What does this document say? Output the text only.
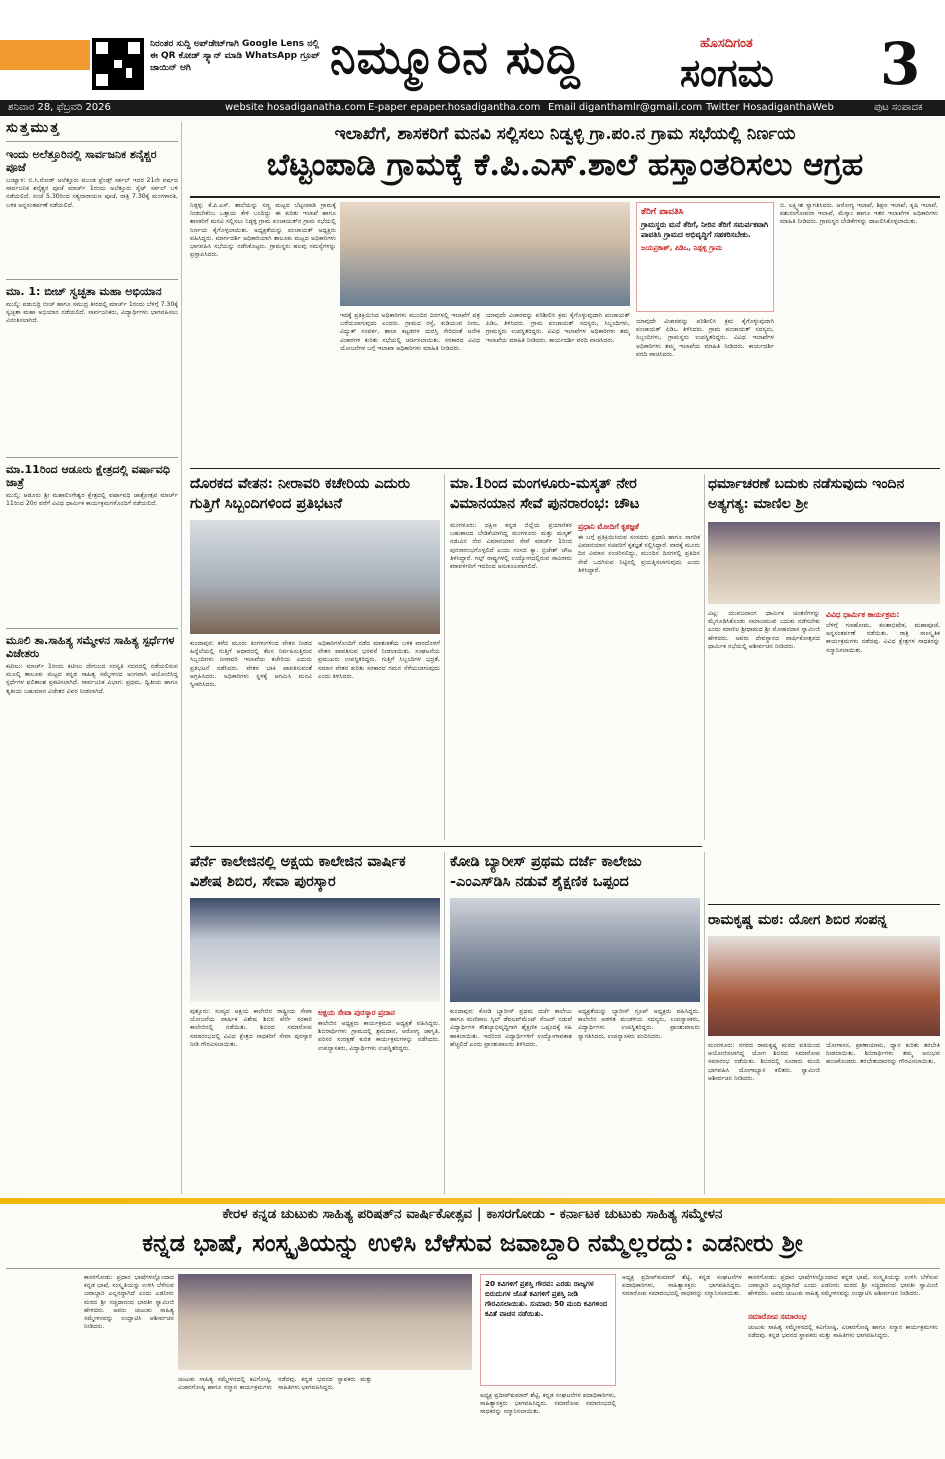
ನಿರಂತರ ಸುದ್ದಿ ಅಪ್‌ಡೇಟ್‌ಗಾಗಿ Google Lens ನಲ್ಲಿ ಈ QR ಕೋಡ್ ಸ್ಕ್ಯಾನ್ ಮಾಡಿ WhatsApp ಗ್ರೂಪ್ ಜಾಯಿನ್ ಆಗಿ	ನಿಮ್ಮೂರಿನ ಸುದ್ದಿ	ಹೊಸದಿಗಂತ
ಸಂಗಮ 3
ಶನಿವಾರ 28, ಫೆಬ್ರವರಿ 2026	website hosadiganatha.com E-paper epaper.hosadigantha.com Email diganthamlr@gmail.com Twitter HosadiganthaWeb	ಪುಟ ಸಂಪಾದಕ
ಸುತ್ತಮುತ್ತ
ಇಂದು ಅಲೆತ್ತೂರಿನಲ್ಲಿ ಸಾರ್ವಜನಿಕ ಶನೈಶ್ಚರ ಪೂಜೆ
ಬಂಟ್ವಾಳ: ಬಿ.ಸಿ.ರೋಡ್ ಅಲೆತ್ತೂರು ಮುಂಡ ಫ್ರೆಂಡ್ಸ್ ಸರ್ಕಲ್ ಇದರ 21ನೇ ವರ್ಷದ ಸಾರ್ವಜನಿಕ ಶನೈಶ್ಚರ ಪೂಜೆ ಮಾರ್ಚ್ 1ರಂದು ಅಲೆತ್ತೂರು ಸೈಟ್ ಸರ್ಕಲ್ ಬಳಿ ನಡೆಯಲಿದೆ. ಸಂಜೆ 5.30ರಿಂದ ಸತ್ಯನಾರಾಯಣ ಪೂಜೆ, ರಾತ್ರಿ 7.30ಕ್ಕೆ ಮಂಗಳಾರತಿ, ಬಳಿಕ ಅನ್ನಸಂತರ್ಪಣೆ ನಡೆಯಲಿದೆ.
ಮಾ. 1: ಬೀಚ್ ಸ್ವಚ್ಛತಾ ಮಹಾ ಅಭಿಯಾನ
ಮುಲ್ಕಿ: ಪಡುಬಿದ್ರಿ ಬೀಚ್ ಹಾಗೂ ಸಮುದ್ರ ತೀರದಲ್ಲಿ ಮಾರ್ಚ್ 1ರಂದು ಬೆಳಿಗ್ಗೆ 7.30ಕ್ಕೆ ಸ್ವಚ್ಛತಾ ಮಹಾ ಅಭಿಯಾನ ನಡೆಯಲಿದೆ. ಸಾರ್ವಜನಿಕರು, ವಿದ್ಯಾರ್ಥಿಗಳು ಭಾಗವಹಿಸಲು ವಿನಂತಿಸಲಾಗಿದೆ.
ಮಾ.11ರಿಂದ ಆಡೂರು ಕ್ಷೇತ್ರದಲ್ಲಿ ವರ್ಷಾವಧಿ ಜಾತ್ರೆ
ಮುಲ್ಕಿ: ಆಡೂರು ಶ್ರೀ ಮಹಾಲಿಂಗೇಶ್ವರ ಕ್ಷೇತ್ರದಲ್ಲಿ ವರ್ಷಾವಧಿ ಜಾತ್ರೋತ್ಸವ ಮಾರ್ಚ್ 11ರಿಂದ 20ರ ವರೆಗೆ ವಿವಿಧ ಧಾರ್ಮಿಕ ಕಾರ್ಯಕ್ರಮಗಳೊಂದಿಗೆ ನಡೆಯಲಿದೆ.
ಮೂಲಿ ತಾ.ಸಾಹಿತ್ಯ ಸಮ್ಮೇಳನ ಸಾಹಿತ್ಯ ಸ್ಪರ್ಧೆಗಳ ವಿಜೇತರು
ಕಟೀಲು: ಮಾರ್ಚ್ 1ರಂದು ಕಟೀಲು ದೇಗುಲದ ಸರಸ್ವತಿ ಸದನದಲ್ಲಿ ನಡೆಯಲಿರುವ ಮೂಲ್ಕಿ ತಾಲೂಕು ಮಟ್ಟದ ಕನ್ನಡ ಸಾಹಿತ್ಯ ಸಮ್ಮೇಳನದ ಅಂಗವಾಗಿ ಆಯೋಜಿಸಿದ್ದ ಸ್ಪರ್ಧೆಗಳ ಫಲಿತಾಂಶ ಪ್ರಕಟಿಸಲಾಗಿದೆ. ಸಾರ್ವಜನಿಕ ವಿಭಾಗ: ಪ್ರಥಮ, ದ್ವಿತೀಯ ಹಾಗೂ ತೃತೀಯ ಬಹುಮಾನ ವಿಜೇತರ ವಿವರ ನೀಡಲಾಗಿದೆ.
ಇಲಾಖೆಗೆ, ಶಾಸಕರಿಗೆ ಮನವಿ ಸಲ್ಲಿಸಲು ನಿಡ್ವಳ್ಳಿ ಗ್ರಾ.ಪಂ.ನ ಗ್ರಾಮ ಸಭೆಯಲ್ಲಿ ನಿರ್ಣಯ
ಬೆಟ್ಟಂಪಾಡಿ ಗ್ರಾಮಕ್ಕೆ ಕೆ.ಪಿ.ಎಸ್.ಶಾಲೆ ಹಸ್ತಾಂತರಿಸಲು ಆಗ್ರಹ
ನಿಡ್ಪಳ್ಳಿ: ಕೆ.ಪಿ.ಎಸ್. ಶಾಲೆಯನ್ನು ಸಣ್ಣ ಮಟ್ಟದ ಬೆಟ್ಟಂಪಾಡಿ ಗ್ರಾಮಕ್ಕೆ ನೀಡಬೇಕೆಂಬ ಒತ್ತಾಯ ಕೇಳಿ ಬಂದಿದ್ದು ಈ ಕುರಿತು ಇಲಾಖೆ ಹಾಗೂ ಶಾಸಕರಿಗೆ ಮನವಿ ಸಲ್ಲಿಸಲು ನಿಡ್ಪಳ್ಳಿ ಗ್ರಾಮ ಪಂಚಾಯತ್‌ನ ಗ್ರಾಮ ಸಭೆಯಲ್ಲಿ ನಿರ್ಣಯ ಕೈಗೊಳ್ಳಲಾಯಿತು. ಅಧ್ಯಕ್ಷತೆಯನ್ನು ಪಂಚಾಯತ್ ಅಧ್ಯಕ್ಷರು ವಹಿಸಿದ್ದರು. ಮಾರ್ಗದರ್ಶಿ ಅಧಿಕಾರಿಯಾಗಿ ತಾಲೂಕು ಮಟ್ಟದ ಅಧಿಕಾರಿಗಳು ಭಾಗವಹಿಸಿ ಸಭೆಯನ್ನು ನಡೆಸಿಕೊಟ್ಟರು. ಗ್ರಾಮಸ್ಥರು ಹಲವು ಸಮಸ್ಯೆಗಳನ್ನು ಪ್ರಸ್ತಾಪಿಸಿದರು.
ಇದಕ್ಕೆ ಪ್ರತಿಕ್ರಿಯಿಸಿದ ಅಧಿಕಾರಿಗಳು ಮುಂದಿನ ದಿನಗಳಲ್ಲಿ ಇಲಾಖೆಗೆ ಪತ್ರ ಬರೆಯಲಾಗುವುದು ಎಂದರು. ಗ್ರಾಮದ ರಸ್ತೆ, ಕುಡಿಯುವ ನೀರು, ವಿದ್ಯುತ್ ಸಂಪರ್ಕ, ಶಾಲಾ ಕಟ್ಟಡಗಳ ದುರಸ್ತಿ ಸೇರಿದಂತೆ ಅನೇಕ ವಿಚಾರಗಳ ಕುರಿತು ಸಭೆಯಲ್ಲಿ ಚರ್ಚಿಸಲಾಯಿತು. ಸರಕಾರದ ವಿವಿಧ ಯೋಜನೆಗಳ ಬಗ್ಗೆ ಇಲಾಖಾ ಅಧಿಕಾರಿಗಳು ಮಾಹಿತಿ ನೀಡಿದರು.
ಯಾವುದೇ ವಿಚಾರವನ್ನು ಪರಿಶೀಲಿಸಿ ಕ್ರಮ ಕೈಗೊಳ್ಳುವುದಾಗಿ ಪಂಚಾಯತ್ ಪಿಡಿಒ ತಿಳಿಸಿದರು. ಗ್ರಾಮ ಪಂಚಾಯತ್ ಸದಸ್ಯರು, ಸಿಬ್ಬಂದಿಗಳು, ಗ್ರಾಮಸ್ಥರು ಉಪಸ್ಥಿತರಿದ್ದರು. ವಿವಿಧ ಇಲಾಖೆಗಳ ಅಧಿಕಾರಿಗಳು ತಮ್ಮ ಇಲಾಖೆಯ ಮಾಹಿತಿ ನೀಡಿದರು. ಕಾರ್ಯದರ್ಶಿ ವರದಿ ವಾಚಿಸಿದರು.
ತೆರಿಗೆ ಪಾವತಿಸಿ
ಗ್ರಾಮಸ್ಥರು ಮನೆ ತೆರಿಗೆ, ನೀರಿನ ತೆರಿಗೆ ಸಮರ್ಪಕವಾಗಿ ಪಾವತಿಸಿ ಗ್ರಾಮದ ಅಭಿವೃದ್ಧಿಗೆ ಸಹಕರಿಸಬೇಕು.
ಜಯಪ್ರಕಾಶ್, ಪಿಡಿಒ, ನಿಡ್ಪಳ್ಳಿ ಗ್ರಾಮ
ಯಾವುದೇ ವಿಚಾರವನ್ನು ಪರಿಶೀಲಿಸಿ ಕ್ರಮ ಕೈಗೊಳ್ಳುವುದಾಗಿ ಪಂಚಾಯತ್ ಪಿಡಿಒ ತಿಳಿಸಿದರು. ಗ್ರಾಮ ಪಂಚಾಯತ್ ಸದಸ್ಯರು, ಸಿಬ್ಬಂದಿಗಳು, ಗ್ರಾಮಸ್ಥರು ಉಪಸ್ಥಿತರಿದ್ದರು. ವಿವಿಧ ಇಲಾಖೆಗಳ ಅಧಿಕಾರಿಗಳು ತಮ್ಮ ಇಲಾಖೆಯ ಮಾಹಿತಿ ನೀಡಿದರು. ಕಾರ್ಯದರ್ಶಿ ವರದಿ ವಾಚಿಸಿದರು.
ಬಿ. ಲಕ್ಷ್ಮೀಶ ಸ್ವಾಗತಿಸಿದರು. ಆರೋಗ್ಯ ಇಲಾಖೆ, ಶಿಕ್ಷಣ ಇಲಾಖೆ, ಕೃಷಿ ಇಲಾಖೆ, ಪಶುಸಂಗೋಪನಾ ಇಲಾಖೆ, ಮೆಸ್ಕಾಂ ಹಾಗೂ ಇತರ ಇಲಾಖೆಗಳ ಅಧಿಕಾರಿಗಳು ಮಾಹಿತಿ ನೀಡಿದರು. ಗ್ರಾಮಸ್ಥರ ಬೇಡಿಕೆಗಳನ್ನು ದಾಖಲಿಸಿಕೊಳ್ಳಲಾಯಿತು.
ದೊರಕದ ವೇತನ: ನೀರಾವರಿ ಕಚೇರಿಯ ಎದುರು ಗುತ್ತಿಗೆ ಸಿಬ್ಬಂದಿಗಳಿಂದ ಪ್ರತಿಭಟನೆ
ಕುಂದಾಪುರ: ಕಳೆದ ಮೂರು ತಿಂಗಳುಗಳಿಂದ ವೇತನ ನೀಡದ ಹಿನ್ನೆಲೆಯಲ್ಲಿ ಗುತ್ತಿಗೆ ಆಧಾರದಲ್ಲಿ ಕೆಲಸ ನಿರ್ವಹಿಸುತ್ತಿರುವ ಸಿಬ್ಬಂದಿಗಳು ನೀರಾವರಿ ಇಲಾಖೆಯ ಕಚೇರಿಯ ಎದುರು ಪ್ರತಿಭಟನೆ ನಡೆಸಿದರು. ವೇತನ ಬಾಕಿ ಪಾವತಿಸುವಂತೆ ಆಗ್ರಹಿಸಿದರು. ಅಧಿಕಾರಿಗಳು ಸ್ಥಳಕ್ಕೆ ಆಗಮಿಸಿ ಮನವಿ ಸ್ವೀಕರಿಸಿದರು.
ಅಧಿಕಾರಿಗಳೊಂದಿಗೆ ನಡೆದ ಮಾತುಕತೆಯ ಬಳಿಕ ವಾರದೊಳಗೆ ವೇತನ ಪಾವತಿಸುವ ಭರವಸೆ ನೀಡಲಾಯಿತು. ಸಂಘಟನೆಯ ಪ್ರಮುಖರು ಉಪಸ್ಥಿತರಿದ್ದರು. ಗುತ್ತಿಗೆ ಸಿಬ್ಬಂದಿಗಳ ಭದ್ರತೆ, ಸಮಾನ ವೇತನ ಕುರಿತು ಸರಕಾರದ ಗಮನ ಸೆಳೆಯಲಾಗುವುದು ಎಂದು ತಿಳಿಸಿದರು.
ಮಾ.1ರಿಂದ ಮಂಗಳೂರು-ಮಸ್ಕತ್ ನೇರ ವಿಮಾನಯಾನ ಸೇವೆ ಪುನರಾರಂಭ: ಚೌಟ
ಮಂಗಳೂರು: ದಕ್ಷಿಣ ಕನ್ನಡ ಜಿಲ್ಲೆಯ ಪ್ರಯಾಣಿಕರ ಬಹುಕಾಲದ ಬೇಡಿಕೆಯಾಗಿದ್ದ ಮಂಗಳೂರು ಮತ್ತು ಮಸ್ಕತ್ ನಡುವಿನ ನೇರ ವಿಮಾನಯಾನ ಸೇವೆ ಮಾರ್ಚ್ 1ರಿಂದ ಪುನರಾರಂಭಗೊಳ್ಳಲಿದೆ ಎಂದು ಸಂಸದ ಕ್ಯಾ. ಬ್ರಿಜೇಶ್ ಚೌಟ ತಿಳಿಸಿದ್ದಾರೆ. ಗಲ್ಫ್ ರಾಷ್ಟ್ರಗಳಲ್ಲಿ ಉದ್ಯೋಗದಲ್ಲಿರುವ ಸಾವಿರಾರು ಕರಾವಳಿಗರಿಗೆ ಇದರಿಂದ ಅನುಕೂಲವಾಗಲಿದೆ.
ಪ್ರಧಾನಿ ಮೋದಿಗೆ ಕೃತಜ್ಞತೆ
ಈ ಬಗ್ಗೆ ಪ್ರತಿಕ್ರಿಯಿಸಿರುವ ಸಂಸದರು ಪ್ರಧಾನಿ ಹಾಗೂ ನಾಗರಿಕ ವಿಮಾನಯಾನ ಸಚಿವರಿಗೆ ಕೃತಜ್ಞತೆ ಸಲ್ಲಿಸಿದ್ದಾರೆ. ವಾರಕ್ಕೆ ಮೂರು ದಿನ ವಿಮಾನ ಸಂಚರಿಸಲಿದ್ದು, ಮುಂದಿನ ದಿನಗಳಲ್ಲಿ ಪ್ರತಿದಿನ ಸೇವೆ ಒದಗಿಸುವ ನಿಟ್ಟಿನಲ್ಲಿ ಪ್ರಯತ್ನಿಸಲಾಗುವುದು ಎಂದು ತಿಳಿಸಿದ್ದಾರೆ.
ಧರ್ಮಾಚರಣೆ ಬದುಕು ನಡೆಸುವುದು ಇಂದಿನ ಅತ್ಯಗತ್ಯ: ಮಾಣಿಲ ಶ್ರೀ
ವಿಟ್ಲ: ಯುವಜನಾಂಗ ಧಾರ್ಮಿಕ ಚಿಂತನೆಗಳನ್ನು ಮೈಗೂಡಿಸಿಕೊಂಡು ಸಮಾಜಮುಖಿ ಬದುಕು ನಡೆಸಬೇಕು ಎಂದು ಮಾಣಿಲ ಶ್ರೀಧಾಮದ ಶ್ರೀ ಮೋಹನದಾಸ ಸ್ವಾಮೀಜಿ ಹೇಳಿದರು. ಅವರು ದೇವಸ್ಥಾನದ ವಾರ್ಷಿಕೋತ್ಸವದ ಧಾರ್ಮಿಕ ಸಭೆಯಲ್ಲಿ ಆಶೀರ್ವಚನ ನೀಡಿದರು.
ವಿವಿಧ ಧಾರ್ಮಿಕ ಕಾರ್ಯಕ್ರಮ:
ಬೆಳಿಗ್ಗೆ ಗಣಹೋಮ, ಕಲಶಾಭಿಷೇಕ, ಮಹಾಪೂಜೆ, ಅನ್ನಸಂತರ್ಪಣೆ ನಡೆಯಿತು. ರಾತ್ರಿ ಸಾಂಸ್ಕೃತಿಕ ಕಾರ್ಯಕ್ರಮಗಳು ನಡೆದವು. ವಿವಿಧ ಕ್ಷೇತ್ರಗಳ ಸಾಧಕರನ್ನು ಸನ್ಮಾನಿಸಲಾಯಿತು.
ಪೆರ್ನೆ ಕಾಲೇಜಿನಲ್ಲಿ ಅಕ್ಷಯ ಕಾಲೇಜಿನ ವಾರ್ಷಿಕ ವಿಶೇಷ ಶಿಬಿರ, ಸೇವಾ ಪುರಸ್ಕಾರ
ಪುತ್ತೂರು: ಸಂಪ್ಯದ ಅಕ್ಷಯ ಕಾಲೇಜಿನ ರಾಷ್ಟ್ರೀಯ ಸೇವಾ ಯೋಜನೆಯ ವಾರ್ಷಿಕ ವಿಶೇಷ ಶಿಬಿರ ಪೆರ್ನೆ ಸರಕಾರಿ ಕಾಲೇಜಿನಲ್ಲಿ ನಡೆಯಿತು. ಶಿಬಿರದ ಸಮಾರೋಪ ಸಮಾರಂಭದಲ್ಲಿ ವಿವಿಧ ಕ್ಷೇತ್ರದ ಸಾಧಕರಿಗೆ ಸೇವಾ ಪುರಸ್ಕಾರ ನೀಡಿ ಗೌರವಿಸಲಾಯಿತು.
ಅಕ್ಷಯ ಸೇವಾ ಪುರಸ್ಕಾರ ಪ್ರದಾನ
ಕಾಲೇಜಿನ ಅಧ್ಯಕ್ಷರು ಕಾರ್ಯಕ್ರಮದ ಅಧ್ಯಕ್ಷತೆ ವಹಿಸಿದ್ದರು. ಶಿಬಿರಾರ್ಥಿಗಳು ಗ್ರಾಮದಲ್ಲಿ ಶ್ರಮದಾನ, ಆರೋಗ್ಯ ಜಾಗೃತಿ, ಪರಿಸರ ಸಂರಕ್ಷಣೆ ಕುರಿತ ಕಾರ್ಯಕ್ರಮಗಳನ್ನು ನಡೆಸಿದರು. ಉಪನ್ಯಾಸಕರು, ವಿದ್ಯಾರ್ಥಿಗಳು ಉಪಸ್ಥಿತರಿದ್ದರು.
ಕೋಡಿ ಬ್ಯಾರೀಸ್ ಪ್ರಥಮ ದರ್ಜೆ ಕಾಲೇಜು -ಎಂಎಸ್‌ಡಿಸಿ ನಡುವೆ ಶೈಕ್ಷಣಿಕ ಒಪ್ಪಂದ
ಕುಂದಾಪುರ: ಕೋಡಿ ಬ್ಯಾರೀಸ್ ಪ್ರಥಮ ದರ್ಜೆ ಕಾಲೇಜು ಹಾಗೂ ಮಣಿಪಾಲ ಸ್ಕಿಲ್ ಡೆವಲಪ್‌ಮೆಂಟ್ ಸೆಂಟರ್ ನಡುವೆ ವಿದ್ಯಾರ್ಥಿಗಳ ಕೌಶಲ್ಯಾಭಿವೃದ್ಧಿಗಾಗಿ ಶೈಕ್ಷಣಿಕ ಒಪ್ಪಂದಕ್ಕೆ ಸಹಿ ಹಾಕಲಾಯಿತು. ಇದರಿಂದ ವಿದ್ಯಾರ್ಥಿಗಳಿಗೆ ಉದ್ಯೋಗಾವಕಾಶ ಹೆಚ್ಚಲಿದೆ ಎಂದು ಪ್ರಾಂಶುಪಾಲರು ತಿಳಿಸಿದರು.
ಅಧ್ಯಕ್ಷತೆಯನ್ನು ಬ್ಯಾರೀಸ್ ಗ್ರೂಪ್ ಅಧ್ಯಕ್ಷರು ವಹಿಸಿದ್ದರು. ಕಾಲೇಜಿನ ಆಡಳಿತ ಮಂಡಳಿಯ ಸದಸ್ಯರು, ಉಪನ್ಯಾಸಕರು, ವಿದ್ಯಾರ್ಥಿಗಳು ಉಪಸ್ಥಿತರಿದ್ದರು. ಪ್ರಾಂಶುಪಾಲರು ಸ್ವಾಗತಿಸಿದರು, ಉಪನ್ಯಾಸಕರು ವಂದಿಸಿದರು.
ರಾಮಕೃಷ್ಣ ಮಠ: ಯೋಗ ಶಿಬಿರ ಸಂಪನ್ನ
ಮಂಗಳೂರು: ನಗರದ ರಾಮಕೃಷ್ಣ ಮಠದ ವತಿಯಿಂದ ಆಯೋಜಿಸಲಾಗಿದ್ದ ಯೋಗ ಶಿಬಿರದ ಸಮಾರೋಪ ಸಮಾರಂಭ ನಡೆಯಿತು. ಶಿಬಿರದಲ್ಲಿ ನೂರಾರು ಮಂದಿ ಭಾಗವಹಿಸಿ ಯೋಗಾಭ್ಯಾಸ ಕಲಿತರು. ಸ್ವಾಮೀಜಿ ಆಶೀರ್ವಚನ ನೀಡಿದರು.
ಯೋಗಾಸನ, ಪ್ರಾಣಾಯಾಮ, ಧ್ಯಾನ ಕುರಿತು ತರಬೇತಿ ನೀಡಲಾಯಿತು. ಶಿಬಿರಾರ್ಥಿಗಳು ತಮ್ಮ ಅನುಭವ ಹಂಚಿಕೊಂಡರು. ತರಬೇತುದಾರರನ್ನು ಗೌರವಿಸಲಾಯಿತು.
ಕೇರಳ ಕನ್ನಡ ಚುಟುಕು ಸಾಹಿತ್ಯ ಪರಿಷತ್‌ನ ವಾರ್ಷಿಕೋತ್ಸವ | ಕಾಸರಗೋಡು - ಕರ್ನಾಟಕ ಚುಟುಕು ಸಾಹಿತ್ಯ ಸಮ್ಮೇಳನ
ಕನ್ನಡ ಭಾಷೆ, ಸಂಸ್ಕೃತಿಯನ್ನು ಉಳಿಸಿ ಬೆಳೆಸುವ ಜವಾಬ್ದಾರಿ ನಮ್ಮೆಲ್ಲರದ್ದು: ಎಡನೀರು ಶ್ರೀ
ಕಾಸರಗೋಡು: ಪ್ರಧಾನ ಭಾಷೆಗಳಲ್ಲೊಂದಾದ ಕನ್ನಡ ಭಾಷೆ, ಸಂಸ್ಕೃತಿಯನ್ನು ಉಳಿಸಿ ಬೆಳೆಸುವ ಜವಾಬ್ದಾರಿ ಎಲ್ಲರದ್ದಾಗಿದೆ ಎಂದು ಎಡನೀರು ಮಠದ ಶ್ರೀ ಸಚ್ಚಿದಾನಂದ ಭಾರತೀ ಸ್ವಾಮೀಜಿ ಹೇಳಿದರು. ಅವರು ಚುಟುಕು ಸಾಹಿತ್ಯ ಸಮ್ಮೇಳನವನ್ನು ಉದ್ಘಾಟಿಸಿ ಆಶೀರ್ವಚನ ನೀಡಿದರು.
ಚುಟುಕು ಸಾಹಿತ್ಯ ಸಮ್ಮೇಳನದಲ್ಲಿ ಕವಿಗೋಷ್ಠಿ, ವಿಚಾರಗೋಷ್ಠಿ ಹಾಗೂ ಸನ್ಮಾನ ಕಾರ್ಯಕ್ರಮಗಳು ನಡೆದವು. ಕನ್ನಡ ಭವನದ ಸ್ಥಾಪಕರು ಮತ್ತು ಸಾಹಿತಿಗಳು ಭಾಗವಹಿಸಿದ್ದರು.
20 ಕವಿಗಳಿಗೆ ಪ್ರಶಸ್ತಿ ಗೌರವ: ಎರಡು ರಾಜ್ಯಗಳ ಬಿರುದುಗಳ ಜೊತೆ ಕವಿಗಳಿಗೆ ಪ್ರಶಸ್ತಿ ನೀಡಿ ಗೌರವಿಸಲಾಯಿತು. ಸುಮಾರು 50 ಮಂದಿ ಕವಿಗಳಿಂದ ಕವಿತೆ ವಾಚನ ನಡೆಯಿತು.
ಅಧ್ಯಕ್ಷ ಪ್ರದೀಪ್‌ಕುಮಾರ್ ಶೆಟ್ಟಿ, ಕನ್ನಡ ಸಂಘಟನೆಗಳ ಪದಾಧಿಕಾರಿಗಳು, ಸಾಹಿತ್ಯಾಸಕ್ತರು ಭಾಗವಹಿಸಿದ್ದರು. ಸಮಾರೋಪ ಸಮಾರಂಭದಲ್ಲಿ ಸಾಧಕರನ್ನು ಸನ್ಮಾನಿಸಲಾಯಿತು.
ಅಧ್ಯಕ್ಷ ಪ್ರದೀಪ್‌ಕುಮಾರ್ ಶೆಟ್ಟಿ, ಕನ್ನಡ ಸಂಘಟನೆಗಳ ಪದಾಧಿಕಾರಿಗಳು, ಸಾಹಿತ್ಯಾಸಕ್ತರು ಭಾಗವಹಿಸಿದ್ದರು. ಸಮಾರೋಪ ಸಮಾರಂಭದಲ್ಲಿ ಸಾಧಕರನ್ನು ಸನ್ಮಾನಿಸಲಾಯಿತು.
ಕಾಸರಗೋಡು: ಪ್ರಧಾನ ಭಾಷೆಗಳಲ್ಲೊಂದಾದ ಕನ್ನಡ ಭಾಷೆ, ಸಂಸ್ಕೃತಿಯನ್ನು ಉಳಿಸಿ ಬೆಳೆಸುವ ಜವಾಬ್ದಾರಿ ಎಲ್ಲರದ್ದಾಗಿದೆ ಎಂದು ಎಡನೀರು ಮಠದ ಶ್ರೀ ಸಚ್ಚಿದಾನಂದ ಭಾರತೀ ಸ್ವಾಮೀಜಿ ಹೇಳಿದರು. ಅವರು ಚುಟುಕು ಸಾಹಿತ್ಯ ಸಮ್ಮೇಳನವನ್ನು ಉದ್ಘಾಟಿಸಿ ಆಶೀರ್ವಚನ ನೀಡಿದರು.
ಸಮಾರೋಪ ಸಮಾರಂಭ
ಚುಟುಕು ಸಾಹಿತ್ಯ ಸಮ್ಮೇಳನದಲ್ಲಿ ಕವಿಗೋಷ್ಠಿ, ವಿಚಾರಗೋಷ್ಠಿ ಹಾಗೂ ಸನ್ಮಾನ ಕಾರ್ಯಕ್ರಮಗಳು ನಡೆದವು. ಕನ್ನಡ ಭವನದ ಸ್ಥಾಪಕರು ಮತ್ತು ಸಾಹಿತಿಗಳು ಭಾಗವಹಿಸಿದ್ದರು.
